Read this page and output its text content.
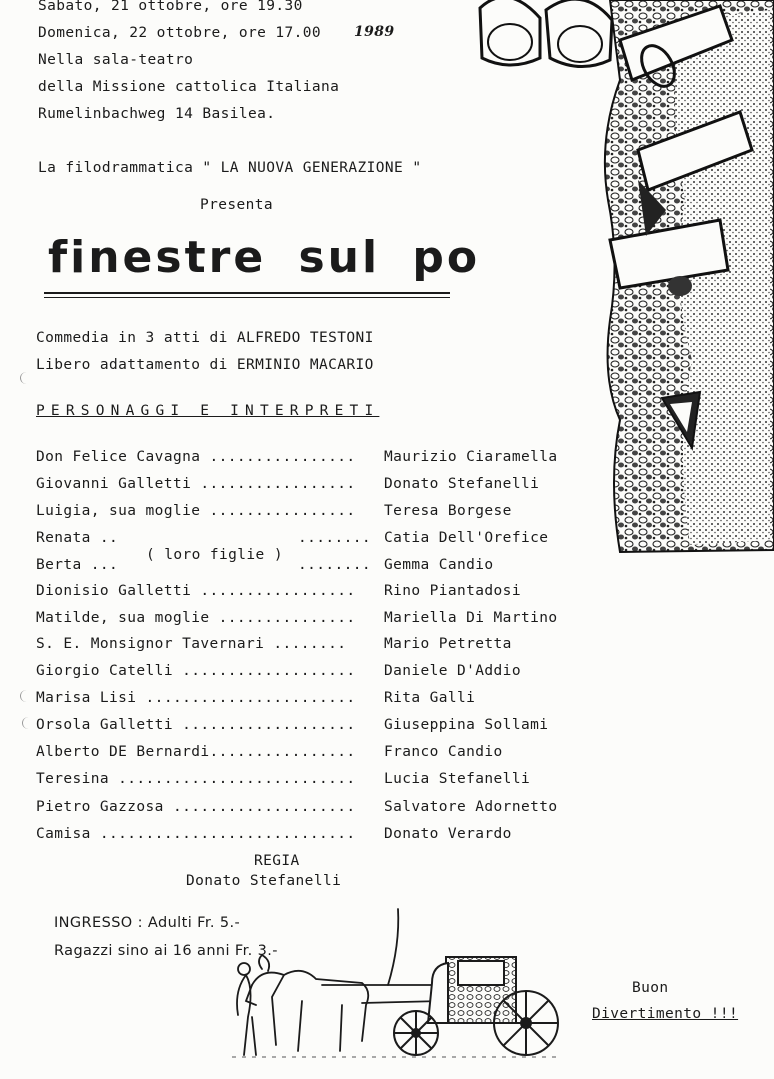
Sabato, 21 ottobre, ore 19.30
Domenica, 22 ottobre, ore 17.00 1989
Nella sala-teatro
della Missione cattolica Italiana
Rumelinbachweg 14 Basilea.
La filodrammatica " LA NUOVA GENERAZIONE "
Presenta
finestre sul po
Commedia in 3 atti di ALFREDO TESTONI
Libero adattamento di ERMINIO MACARIO
PERSONAGGI E INTERPRETI
Don Felice Cavagna ................ Maurizio Ciaramella
Giovanni Galletti ................. Donato Stefanelli
Luigia, sua moglie ................ Teresa Borgese
Renata ..	........ Catia Dell'Orefice
Berta ...	........ Gemma Candio
Dionisio Galletti ................. Rino Piantadosi
Matilde, sua moglie ............... Mariella Di Martino
S. E. Monsignor Tavernari ........	Mario Petretta
Giorgio Catelli ................... Daniele D'Addio
Marisa Lisi ....................... Rita Galli
Orsola Galletti ................... Giuseppina Sollami
Alberto DE Bernardi................ Franco Candio
Teresina .......................... Lucia Stefanelli
Pietro Gazzosa .................... Salvatore Adornetto
Camisa ............................ Donato Verardo
( loro figlie )
REGIA
Donato Stefanelli
INGRESSO : Adulti Fr. 5.-
Ragazzi sino ai 16 anni Fr. 3.-
Buon
Divertimento !!!
